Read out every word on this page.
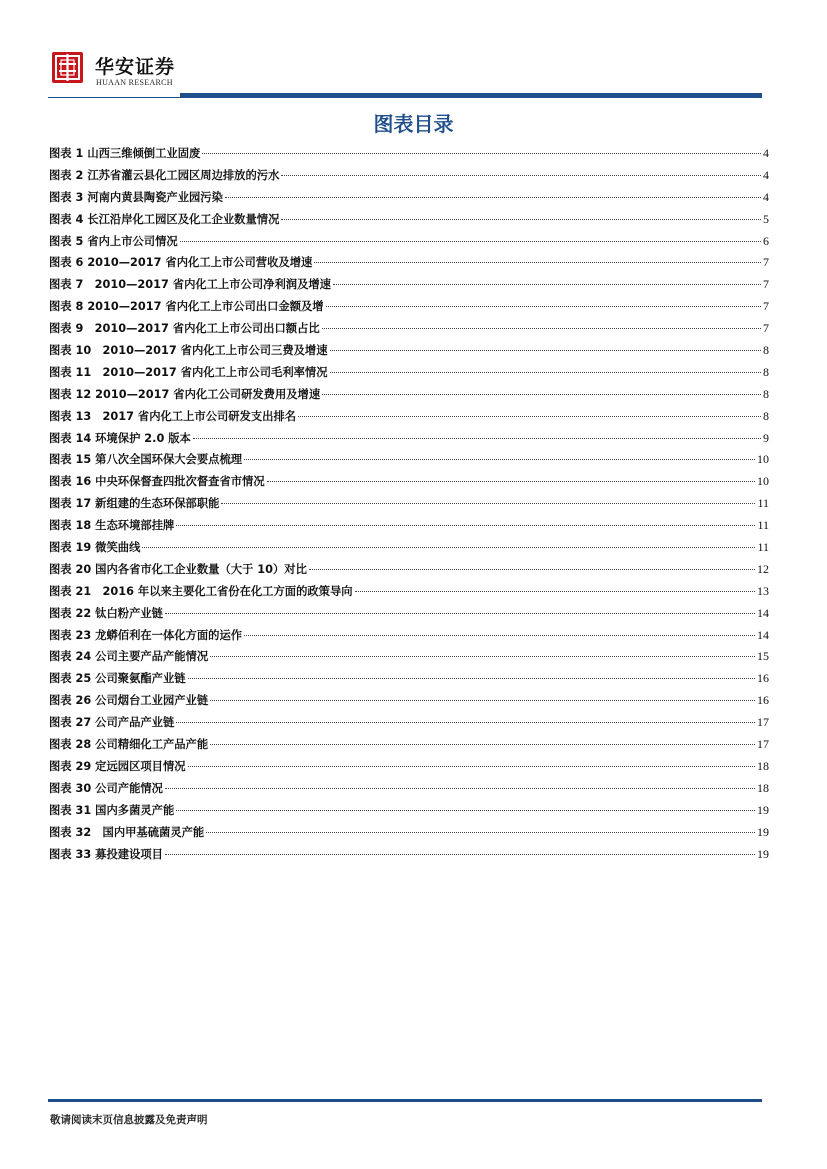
华安证券
HUAAN RESEARCH
图表目录
图表 1 山西三维倾倒工业固废	4
图表 2 江苏省灌云县化工园区周边排放的污水	4
图表 3 河南内黄县陶瓷产业园污染	4
图表 4 长江沿岸化工园区及化工企业数量情况	5
图表 5 省内上市公司情况	6
图表 6 2010—2017 省内化工上市公司营收及增速	7
图表 7　2010—2017 省内化工上市公司净利润及增速	7
图表 8 2010—2017 省内化工上市公司出口金额及增	7
图表 9　2010—2017 省内化工上市公司出口额占比	7
图表 10　2010—2017 省内化工上市公司三费及增速	8
图表 11　2010—2017 省内化工上市公司毛利率情况	8
图表 12 2010—2017 省内化工公司研发费用及增速	8
图表 13　2017 省内化工上市公司研发支出排名	8
图表 14 环境保护 2.0 版本	9
图表 15 第八次全国环保大会要点梳理	10
图表 16 中央环保督查四批次督查省市情况	10
图表 17 新组建的生态环保部职能	11
图表 18 生态环境部挂牌	11
图表 19 微笑曲线	11
图表 20 国内各省市化工企业数量（大于 10）对比	12
图表 21　2016 年以来主要化工省份在化工方面的政策导向	13
图表 22 钛白粉产业链	14
图表 23 龙蟒佰利在一体化方面的运作	14
图表 24 公司主要产品产能情况	15
图表 25 公司聚氨酯产业链	16
图表 26 公司烟台工业园产业链	16
图表 27 公司产品产业链	17
图表 28 公司精细化工产品产能	17
图表 29 定远园区项目情况	18
图表 30 公司产能情况	18
图表 31 国内多菌灵产能	19
图表 32　国内甲基硫菌灵产能	19
图表 33 募投建设项目	19
敬请阅读末页信息披露及免责声明
